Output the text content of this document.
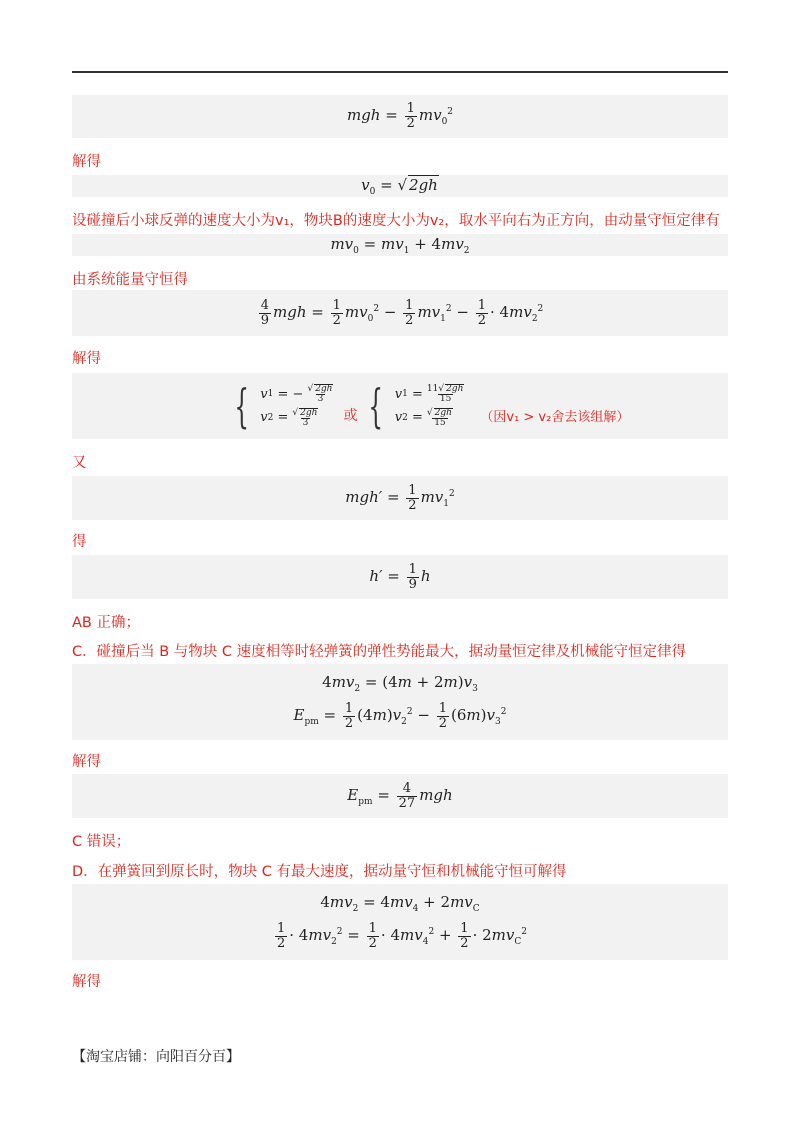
mgh = $\frac{1}{2} mv_0^2$
解得
$v_0$ = √ 2gh
设碰撞后小球反弹的速度大小为v₁，物块B的速度大小为v₂，取水平向右为正方向，由动量守恒定律有
$mv_0 = mv_1 + 4mv_2$
由系统能量守恒得
$\frac{4}{9}$ mgh = $\frac{1}{2} mv_0^2 - \frac{1}{2} mv_1^2 - \frac{1}{2} \cdot 4mv_2^2$
解得
{ v 1 = − $\frac{√ 2gh}{3}$
v $2 = \frac{√ 2gh}{3}$ 或 { v $1 = \frac{11√ 2gh}{15}$
v $2 = \frac{√ 2gh}{15}$ （因v₁ > v₂舍去该组解）
又
$mgh' = \frac{1}{2} mv_1^2$
得
$h' = \frac{1}{9}$ h
AB 正确；
C．碰撞后当 B 与物块 C 速度相等时轻弹簧的弹性势能最大，据动量恒定律及机械能守恒定律得
$4mv_2 = (4m + 2m)v_3$
$E_{pm} = \frac{1}{2} (4m)v_2^2 - \frac{1}{2} (6m)v_3^2$
解得
$E_{pm} = \frac{4}{27}$ mgh
C 错误；
D．在弹簧回到原长时，物块 C 有最大速度，据动量守恒和机械能守恒可解得
$4mv_2 = 4mv_4 + 2mv_C$
$\frac{1}{2} \cdot 4mv_2^2 = \frac{1}{2} \cdot 4mv_4^2 + \frac{1}{2} \cdot 2mv_C^2$
解得
【淘宝店铺：向阳百分百】
